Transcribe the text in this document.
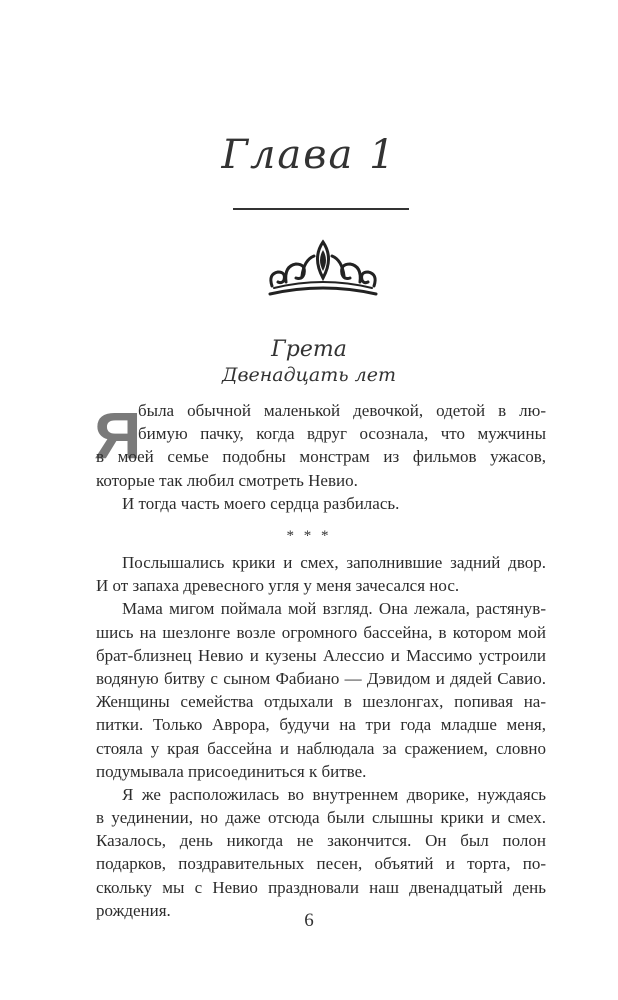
Глава 1
Грета
Двенадцать лет
Я
была обычной маленькой девочкой, одетой в лю-
бимую пачку, когда вдруг осознала, что мужчины
в моей семье подобны монстрам из фильмов ужасов,
которые так любил смотреть Невио.
И тогда часть моего сердца разбилась.
* * *
Послышались крики и смех, заполнившие задний двор.
И от запаха древесного угля у меня зачесался нос.
Мама мигом поймала мой взгляд. Она лежала, растянув-
шись на шезлонге возле огромного бассейна, в котором мой
брат-близнец Невио и кузены Алессио и Массимо устроили
водяную битву с сыном Фабиано — Дэвидом и дядей Савио.
Женщины семейства отдыхали в шезлонгах, попивая на-
питки. Только Аврора, будучи на три года младше меня,
стояла у края бассейна и наблюдала за сражением, словно
подумывала присоединиться к битве.
Я же расположилась во внутреннем дворике, нуждаясь
в уединении, но даже отсюда были слышны крики и смех.
Казалось, день никогда не закончится. Он был полон
подарков, поздравительных песен, объятий и торта, по-
скольку мы с Невио праздновали наш двенадцатый день
рождения.	6
